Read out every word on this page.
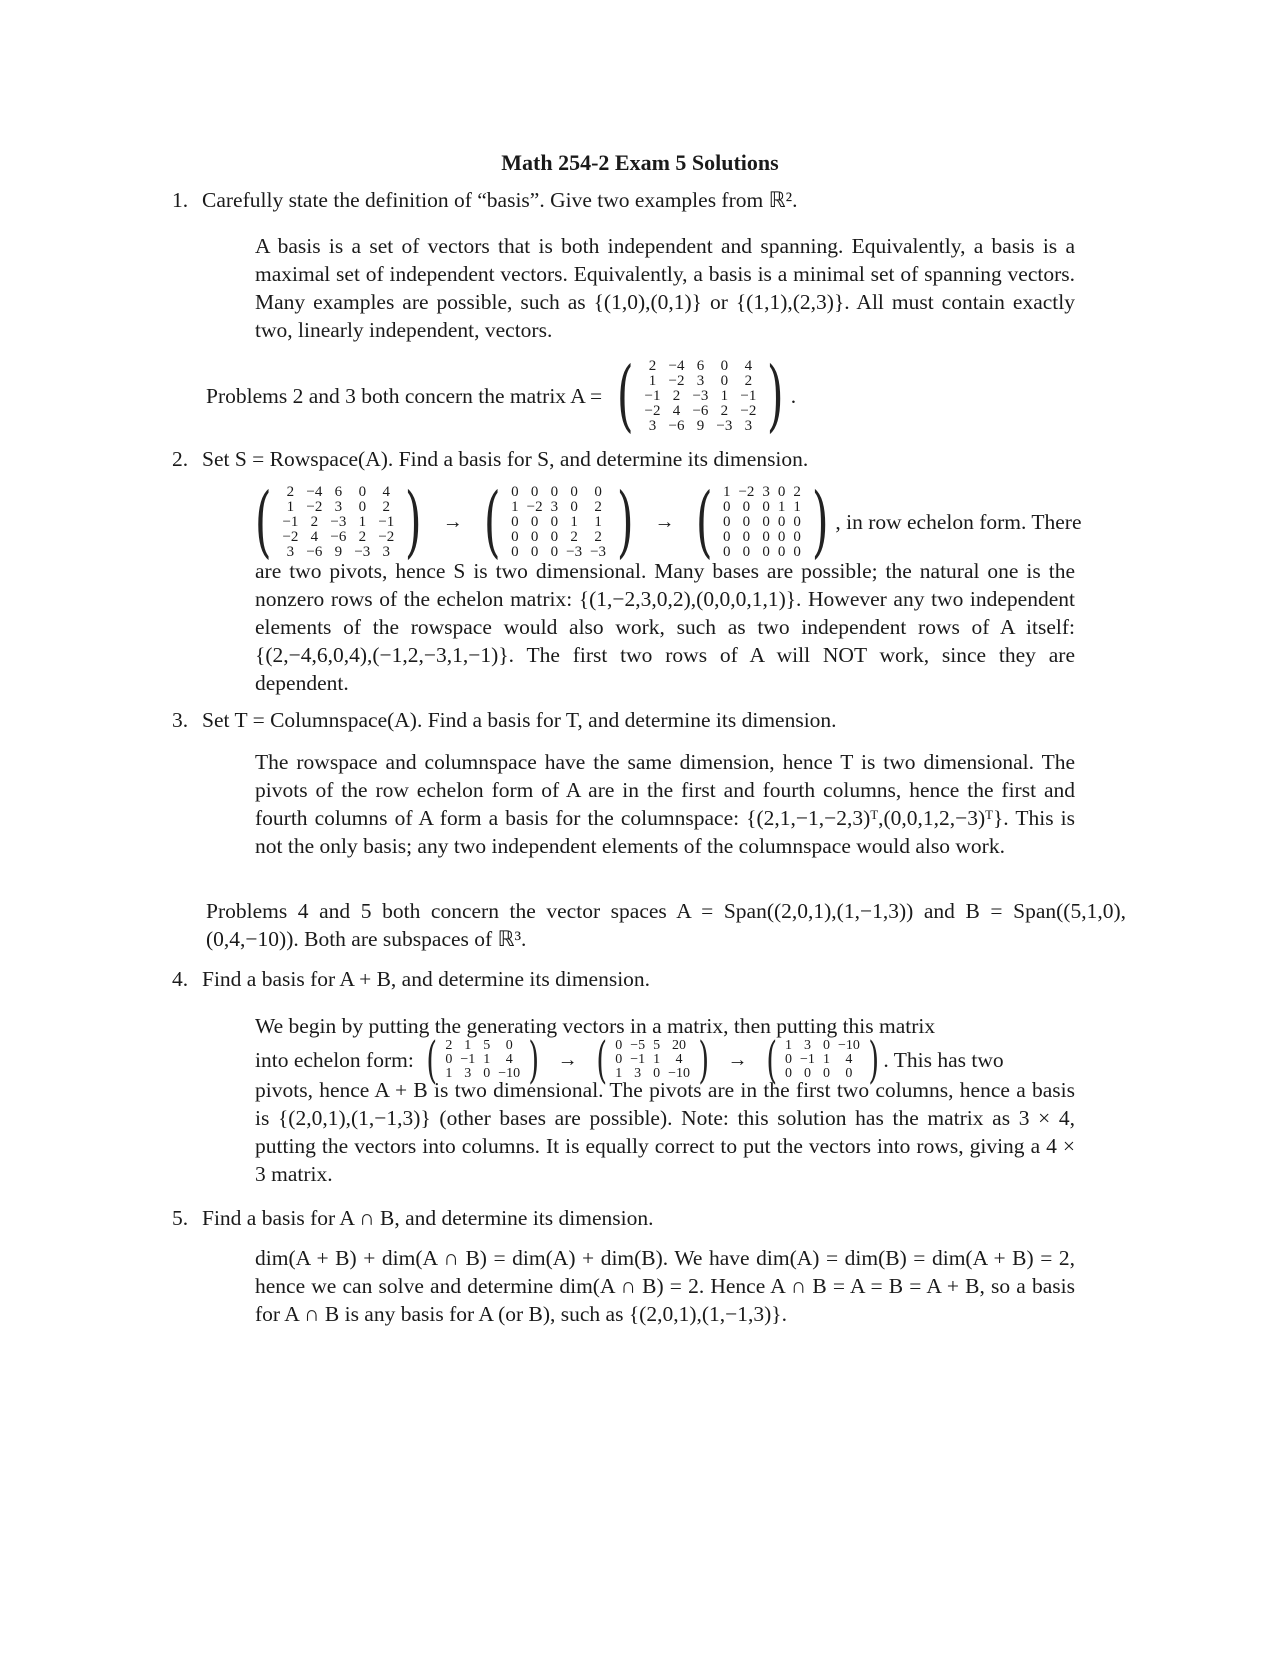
Math 254-2 Exam 5 Solutions
1. Carefully state the definition of “basis”. Give two examples from ℝ².
A basis is a set of vectors that is both independent and spanning. Equivalently, a basis is a maximal set of independent vectors. Equivalently, a basis is a minimal set of spanning vectors. Many examples are possible, such as {(1,0),(0,1)} or {(1,1),(2,3)}. All must contain exactly two, linearly independent, vectors.
Problems 2 and 3 both concern the matrix A = ( 2	−4	6	0	4
1	−2	3	0	2
−1	2	−3	1	−1
−2	4	−6	2	−2
3	−6	9	−3	3 ) .
2. Set S = Rowspace(A). Find a basis for S, and determine its dimension.
( 2	−4	6	0	4
1	−2	3	0	2
−1	2	−3	1	−1
−2	4	−6	2	−2
3	−6	9	−3	3 ) → ( 0	0	0	0	0
1	−2	3	0	2
0	0	0	1	1
0	0	0	2	2
0	0	0	−3	−3 ) → ( 1	−2	3	0	2
0	0	0	1	1
0	0	0	0	0
0	0	0	0	0
0	0	0	0	0 ) , in row echelon form. There
are two pivots, hence S is two dimensional. Many bases are possible; the natural one is the nonzero rows of the echelon matrix: {(1,−2,3,0,2),(0,0,0,1,1)}. However any two independent elements of the rowspace would also work, such as two independent rows of A itself: {(2,−4,6,0,4),(−1,2,−3,1,−1)}. The first two rows of A will NOT work, since they are dependent.
3. Set T = Columnspace(A). Find a basis for T, and determine its dimension.
The rowspace and columnspace have the same dimension, hence T is two dimensional. The pivots of the row echelon form of A are in the first and fourth columns, hence the first and fourth columns of A form a basis for the columnspace: {(2,1,−1,−2,3)ᵀ,(0,0,1,2,−3)ᵀ}. This is not the only basis; any two independent elements of the columnspace would also work.
Problems 4 and 5 both concern the vector spaces A = Span((2,0,1),(1,−1,3)) and B = Span((5,1,0),(0,4,−10)). Both are subspaces of ℝ³.
4. Find a basis for A + B, and determine its dimension.
We begin by putting the generating vectors in a matrix, then putting this matrix
into echelon form: ( 2	1	5	0
0	−1	1	4
1	3	0	−10 ) → ( 0	−5	5	20
0	−1	1	4
1	3	0	−10 ) → ( 1	3	0	−10
0	−1	1	4
0	0	0	0 ) . This has two
pivots, hence A + B is two dimensional. The pivots are in the first two columns, hence a basis is {(2,0,1),(1,−1,3)} (other bases are possible). Note: this solution has the matrix as 3 × 4, putting the vectors into columns. It is equally correct to put the vectors into rows, giving a 4 × 3 matrix.
5. Find a basis for A ∩ B, and determine its dimension.
dim(A + B) + dim(A ∩ B) = dim(A) + dim(B). We have dim(A) = dim(B) = dim(A + B) = 2, hence we can solve and determine dim(A ∩ B) = 2. Hence A ∩ B = A = B = A + B, so a basis for A ∩ B is any basis for A (or B), such as {(2,0,1),(1,−1,3)}.
